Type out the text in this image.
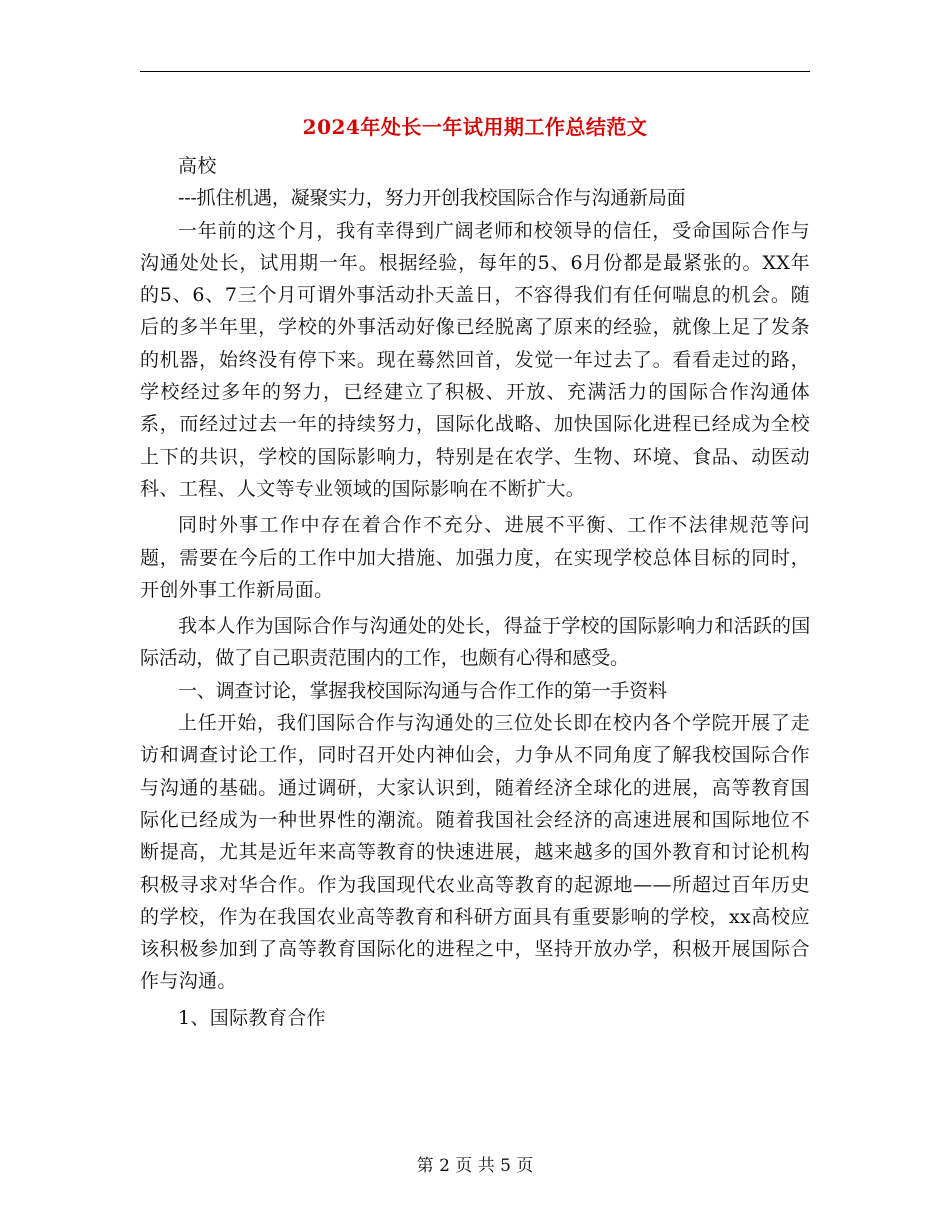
2024年处长一年试用期工作总结范文

高校

---抓住机遇，凝聚实力，努力开创我校国际合作与沟通新局面

一年前的这个月，我有幸得到广阔老师和校领导的信任，受命国际合作与沟通处处长，试用期一年。根据经验，每年的5、6月份都是最紧张的。XX年的5、6、7三个月可谓外事活动扑天盖日，不容得我们有任何喘息的机会。随后的多半年里，学校的外事活动好像已经脱离了原来的经验，就像上足了发条的机器，始终没有停下来。现在蓦然回首，发觉一年过去了。看看走过的路，学校经过多年的努力，已经建立了积极、开放、充满活力的国际合作沟通体系，而经过过去一年的持续努力，国际化战略、加快国际化进程已经成为全校上下的共识，学校的国际影响力，特别是在农学、生物、环境、食品、动医动科、工程、人文等专业领域的国际影响在不断扩大。

同时外事工作中存在着合作不充分、进展不平衡、工作不法律规范等问题，需要在今后的工作中加大措施、加强力度，在实现学校总体目标的同时，开创外事工作新局面。

我本人作为国际合作与沟通处的处长，得益于学校的国际影响力和活跃的国际活动，做了自己职责范围内的工作，也颇有心得和感受。

一、调查讨论，掌握我校国际沟通与合作工作的第一手资料

上任开始，我们国际合作与沟通处的三位处长即在校内各个学院开展了走访和调查讨论工作，同时召开处内神仙会，力争从不同角度了解我校国际合作与沟通的基础。通过调研，大家认识到，随着经济全球化的进展，高等教育国际化已经成为一种世界性的潮流。随着我国社会经济的高速进展和国际地位不断提高，尤其是近年来高等教育的快速进展，越来越多的国外教育和讨论机构积极寻求对华合作。作为我国现代农业高等教育的起源地——所超过百年历史的学校，作为在我国农业高等教育和科研方面具有重要影响的学校，xx高校应该积极参加到了高等教育国际化的进程之中，坚持开放办学，积极开展国际合作与沟通。

1、国际教育合作

第 2 页 共 5 页
